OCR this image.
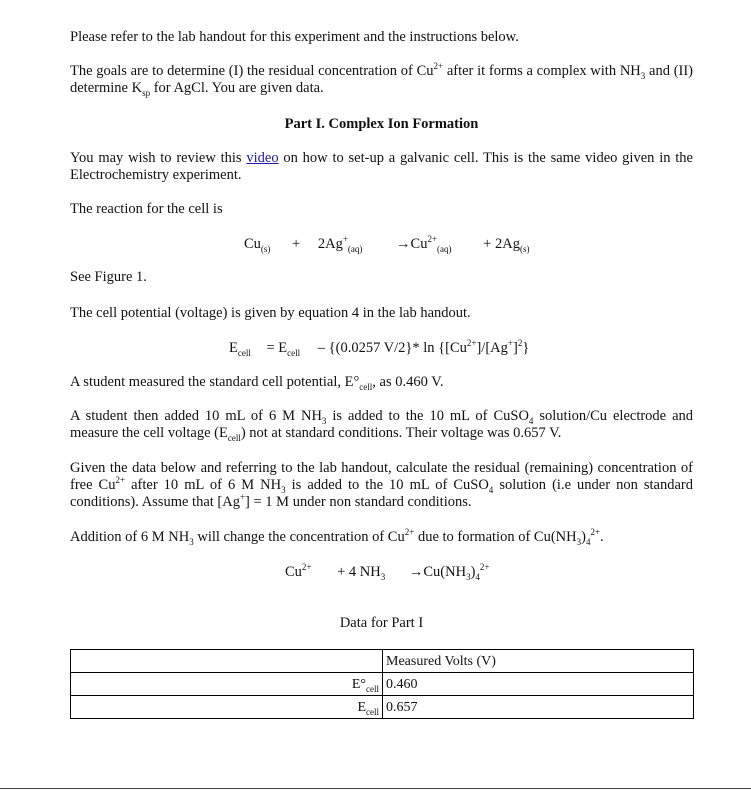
Please refer to the lab handout for this experiment and the instructions below.

The goals are to determine (I) the residual concentration of $Cu^{2+}$ after it forms a complex with $NH_3$ and (II) determine $K_{sp}$ for AgCl. You are given data.

Part I. Complex Ion Formation

You may wish to review this video on how to set-up a galvanic cell. This is the same video given in the Electrochemistry experiment.

The reaction for the cell is

See Figure 1.

The cell potential (voltage) is given by equation 4 in the lab handout.

A student measured the standard cell potential, $E^\circ_{cell}$, as 0.460 V.

A student then added 10 mL of 6 M $NH_3$ is added to the 10 mL of CuSO$_4$ solution/Cu electrode and measure the cell voltage $(E_{cell})$ not at standard conditions. Their voltage was 0.657 V.

Given the data below and referring to the lab handout, calculate the residual (remaining) concentration of free $Cu^{2+}$ after 10 mL of 6 M $NH_3$ is added to the 10 mL of CuSO$_4$ solution (i.e under non standard conditions). Assume that [Ag+] = 1 M under non standard conditions.

Addition of 6 M $NH_3$ will change the concentration of $Cu^{2+}$ due to formation of $Cu(NH_3)_4^{2+}$.

Data for Part I

$Cu_{(s)} + 2Ag^+_{(aq)} \to Cu^{2+}_{(aq)} + 2Ag_{(s)}$
$E_{cell} = E_{cell} - \{(0.0257$ V/2}* $\ln \{[Cu^{2+}]/[Ag^+]^2\}$
$Cu^{2+} + 4$ $NH_3 \to Cu(NH_3)_4^{2+}$
	Measured Volts (V)
$E^\circ_{cell}$	0.460
$E_{cell}$	0.657
